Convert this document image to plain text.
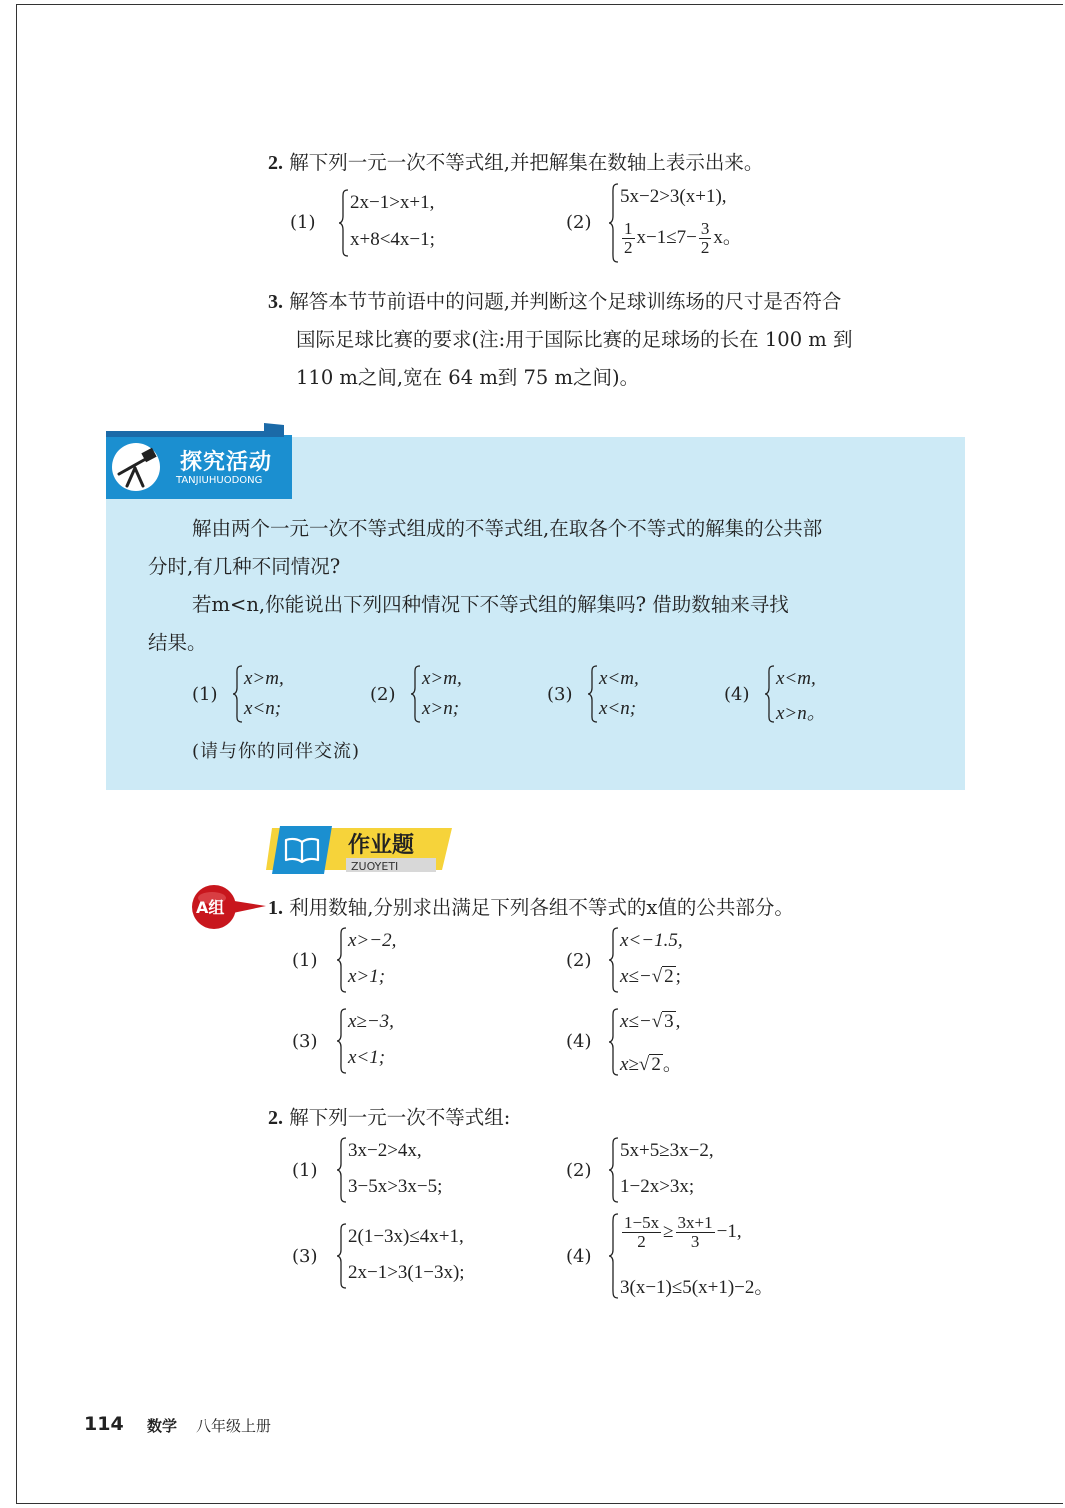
2. 解下列一元一次不等式组,并把解集在数轴上表示出来。
(1)
2x−1>x+1,
x+8<4x−1;
(2)
5x−2>3(x+1),
$\frac{1}{2} x-1\le 7- \frac{3}{2}$ x。
3. 解答本节节前语中的问题,并判断这个足球训练场的尺寸是否符合
国际足球比赛的要求(注:用于国际比赛的足球场的长在 100 m 到
110 m之间,宽在 64 m到 75 m之间)。
探究活动
TANJIUHUODONG
解由两个一元一次不等式组成的不等式组,在取各个不等式的解集的公共部
分时,有几种不同情况?
若m<n,你能说出下列四种情况下不等式组的解集吗? 借助数轴来寻找
结果。
(1)
x>m,
x<n;
(2)
x>m,
x>n;
(3)
x<m,
x<n;
(4)
x<m,
x>n。
(请与你的同伴交流)
作业题
ZUOYETI
A组 1. 利用数轴,分别求出满足下列各组不等式的x值的公共部分。
(1)
x>−2,
x>1;
(2)
x<−1.5,
x≤−√ 2 ;
(3)
x≥−3,
x<1;
(4)
x≤−√ 3 ,
x≥√ 2 。
2. 解下列一元一次不等式组:
(1)
3x−2>4x,
3−5x>3x−5;
(2)
5x+5≥3x−2,
1−2x>3x;
(3)
2(1−3x)≤4x+1,
2x−1>3(1−3x);
(4)
$\frac{1-5x}{2} \ge \frac{3x+1}{3} -1$,
3(x−1)≤5(x+1)−2。
114 数学 八年级上册
